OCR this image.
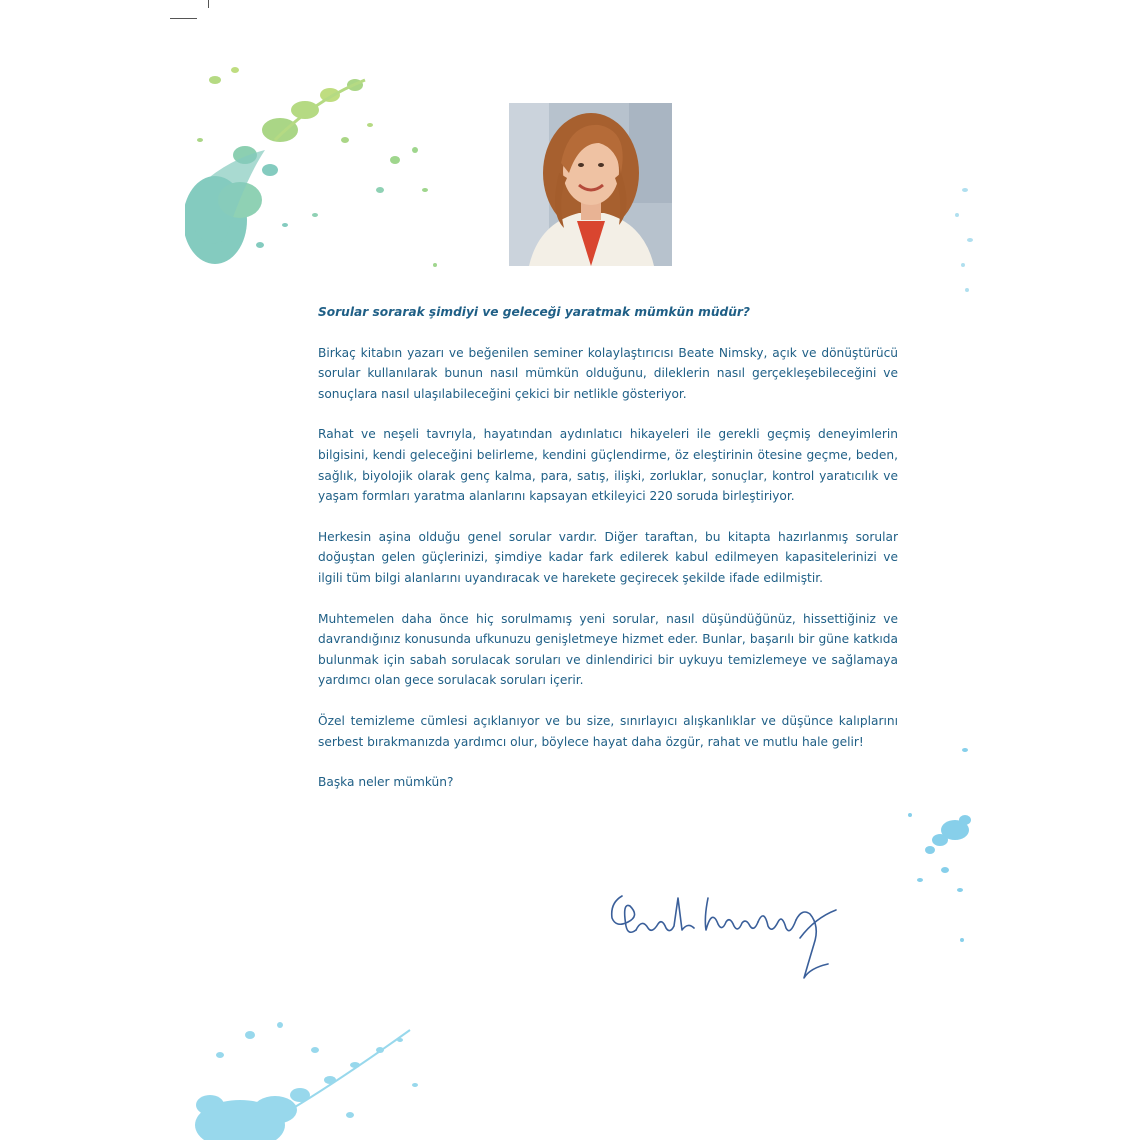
Sorular sorarak şimdiyi ve geleceği yaratmak mümkün müdür?

Birkaç kitabın yazarı ve beğenilen seminer kolaylaştırıcısı Beate Nimsky, açık ve dönüştürücü sorular kullanılarak bunun nasıl mümkün olduğunu, dileklerin nasıl gerçekleşebileceğini ve sonuçlara nasıl ulaşılabileceğini çekici bir netlikle gösteriyor.

Rahat ve neşeli tavrıyla, hayatından aydınlatıcı hikayeleri ile gerekli geçmiş deneyimlerin bilgisini, kendi geleceğini belirleme, kendini güçlendirme, öz eleştirinin ötesine geçme, beden, sağlık, biyolojik olarak genç kalma, para, satış, ilişki, zorluklar, sonuçlar, kontrol yaratıcılık ve yaşam formları yaratma alanlarını kapsayan etkileyici 220 soruda birleştiriyor.

Herkesin aşina olduğu genel sorular vardır. Diğer taraftan, bu kitapta hazırlanmış sorular doğuştan gelen güçlerinizi, şimdiye kadar fark edilerek kabul edilmeyen kapasitelerinizi ve ilgili tüm bilgi alanlarını uyandıracak ve harekete geçirecek şekilde ifade edilmiştir.

Muhtemelen daha önce hiç sorulmamış yeni sorular, nasıl düşündüğünüz, hissettiğiniz ve davrandığınız konusunda ufkunuzu genişletmeye hizmet eder. Bunlar, başarılı bir güne katkıda bulunmak için sabah sorulacak soruları ve dinlendirici bir uykuyu temizlemeye ve sağlamaya yardımcı olan gece sorulacak soruları içerir.

Özel temizleme cümlesi açıklanıyor ve bu size, sınırlayıcı alışkanlıklar ve düşünce kalıplarını serbest bırakmanızda yardımcı olur, böylece hayat daha özgür, rahat ve mutlu hale gelir!

Başka neler mümkün?
